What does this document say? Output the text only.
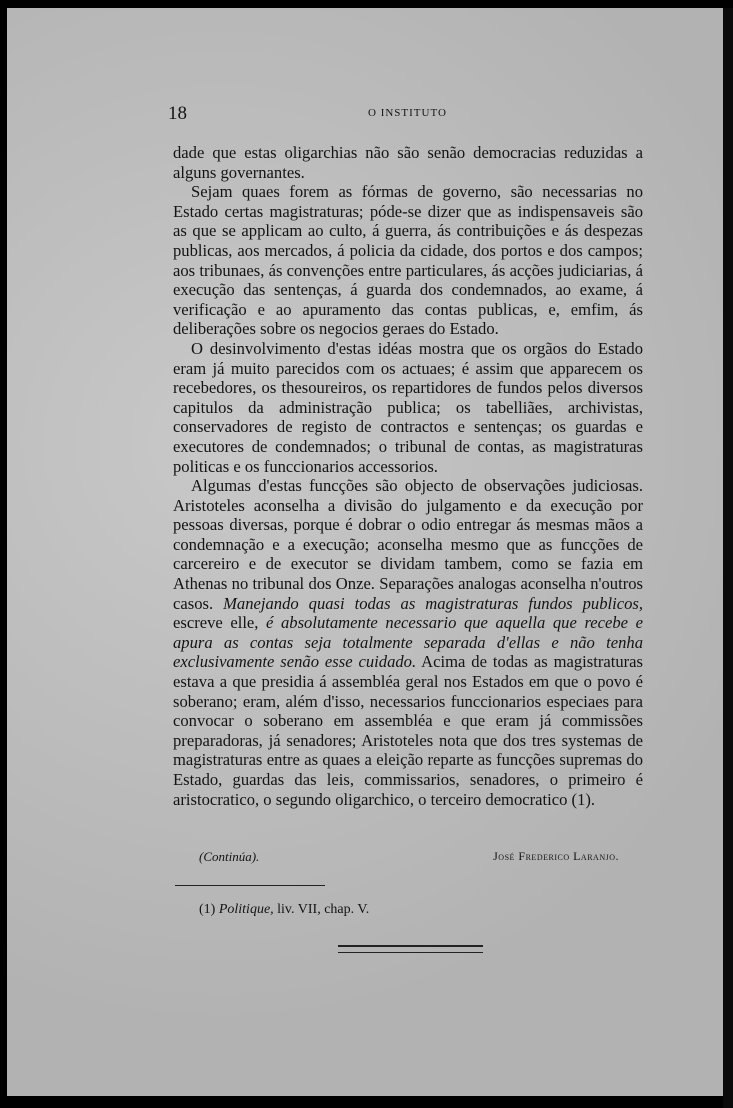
18	O INSTITUTO

dade que estas oligarchias não são senão democracias reduzidas a alguns governantes.

Sejam quaes forem as fórmas de governo, são necessarias no Estado certas magistraturas; póde-se dizer que as indispensaveis são as que se applicam ao culto, á guerra, ás contribuições e ás despezas publicas, aos mercados, á policia da cidade, dos portos e dos campos; aos tribunaes, ás convenções entre particulares, ás acções judiciarias, á execução das sentenças, á guarda dos condemnados, ao exame, á verificação e ao apuramento das contas publicas, e, emfim, ás deliberações sobre os negocios geraes do Estado.

O desinvolvimento d'estas idéas mostra que os orgãos do Estado eram já muito parecidos com os actuaes; é assim que apparecem os recebedores, os thesoureiros, os repartidores de fundos pelos diversos capitulos da administração publica; os tabelliães, archivistas, conservadores de registo de contractos e sentenças; os guardas e executores de condemnados; o tribunal de contas, as magistraturas politicas e os funccionarios accessorios.

Algumas d'estas funcções são objecto de observações judiciosas. Aristoteles aconselha a divisão do julgamento e da execução por pessoas diversas, porque é dobrar o odio entregar ás mesmas mãos a condemnação e a execução; aconselha mesmo que as funcções de carcereiro e de executor se dividam tambem, como se fazia em Athenas no tribunal dos Onze. Separações analogas aconselha n'outros casos. Manejando quasi todas as magistraturas fundos publicos, escreve elle, é absolutamente necessario que aquella que recebe e apura as contas seja totalmente separada d'ellas e não tenha exclusivamente senão esse cuidado. Acima de todas as magistraturas estava a que presidia á assembléa geral nos Estados em que o povo é soberano; eram, além d'isso, necessarios funccionarios especiaes para convocar o soberano em assembléa e que eram já commissões preparadoras, já senadores; Aristoteles nota que dos tres systemas de magistraturas entre as quaes a eleição reparte as funcções supremas do Estado, guardas das leis, commissarios, senadores, o primeiro é aristocratico, o segundo oligarchico, o terceiro democratico (1).

(Continúa).	José Frederico Laranjo.
(1) Politique, liv. VII, chap. V.
